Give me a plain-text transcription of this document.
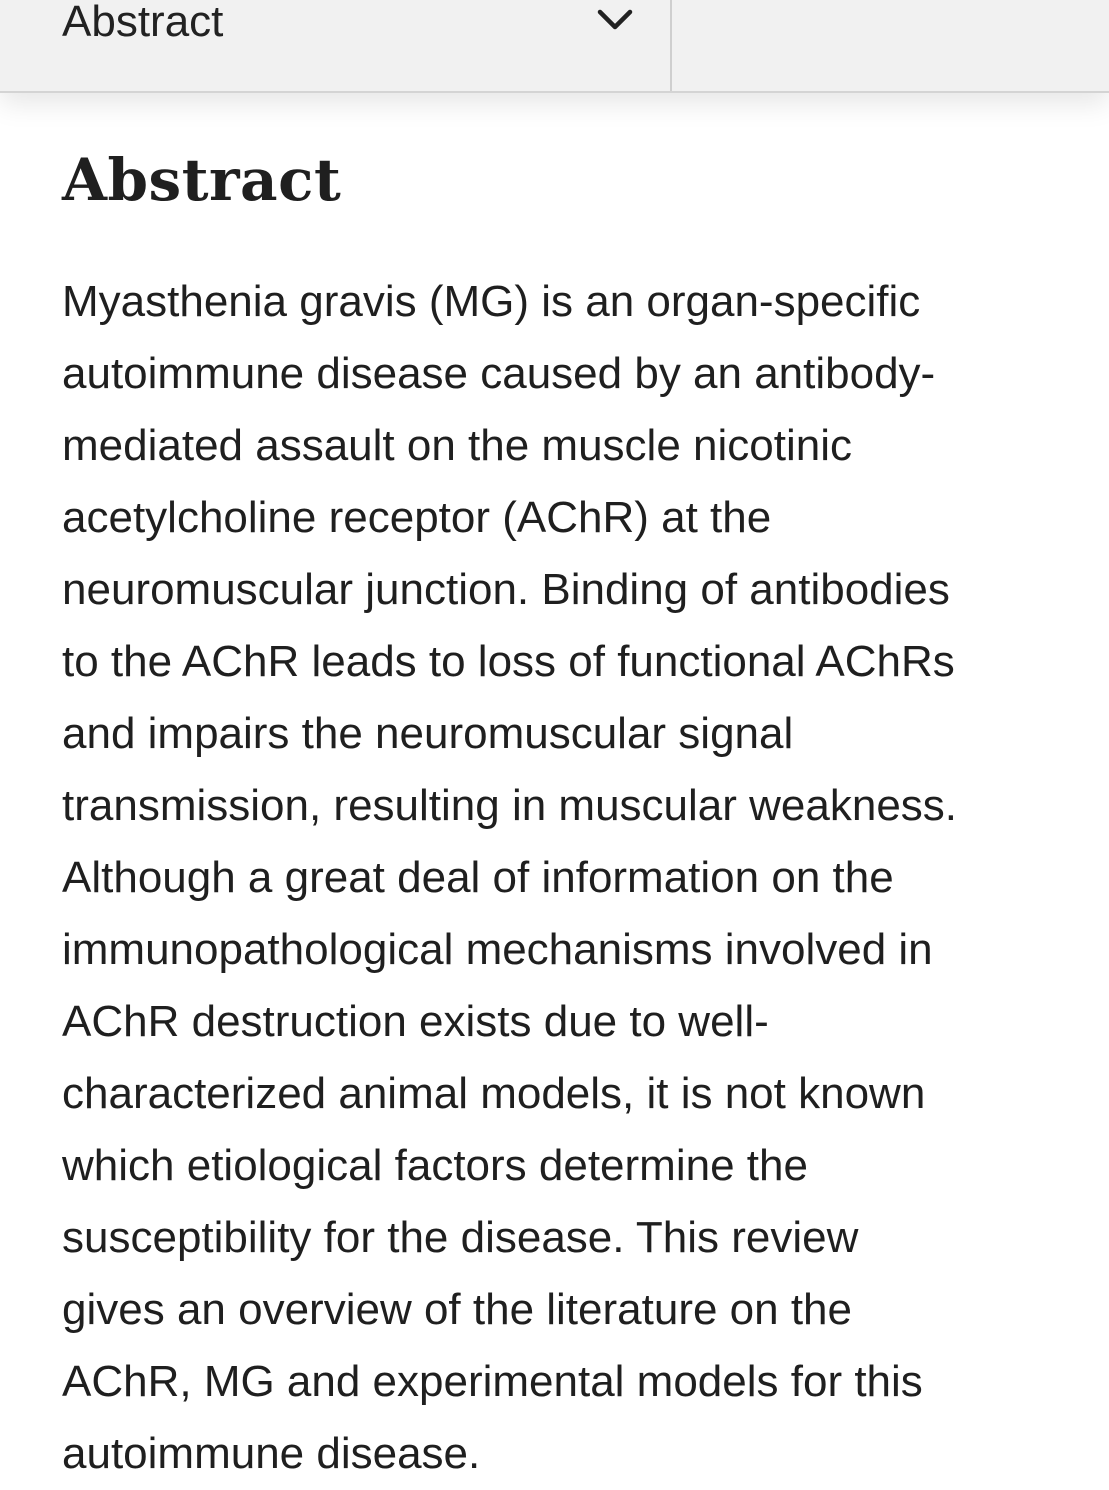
Abstract
Abstract

Myasthenia gravis (MG) is an organ-specific
autoimmune disease caused by an antibody-
mediated assault on the muscle nicotinic
acetylcholine receptor (AChR) at the
neuromuscular junction. Binding of antibodies
to the AChR leads to loss of functional AChRs
and impairs the neuromuscular signal
transmission, resulting in muscular weakness.
Although a great deal of information on the
immunopathological mechanisms involved in
AChR destruction exists due to well-
characterized animal models, it is not known
which etiological factors determine the
susceptibility for the disease. This review
gives an overview of the literature on the
AChR, MG and experimental models for this
autoimmune disease.
